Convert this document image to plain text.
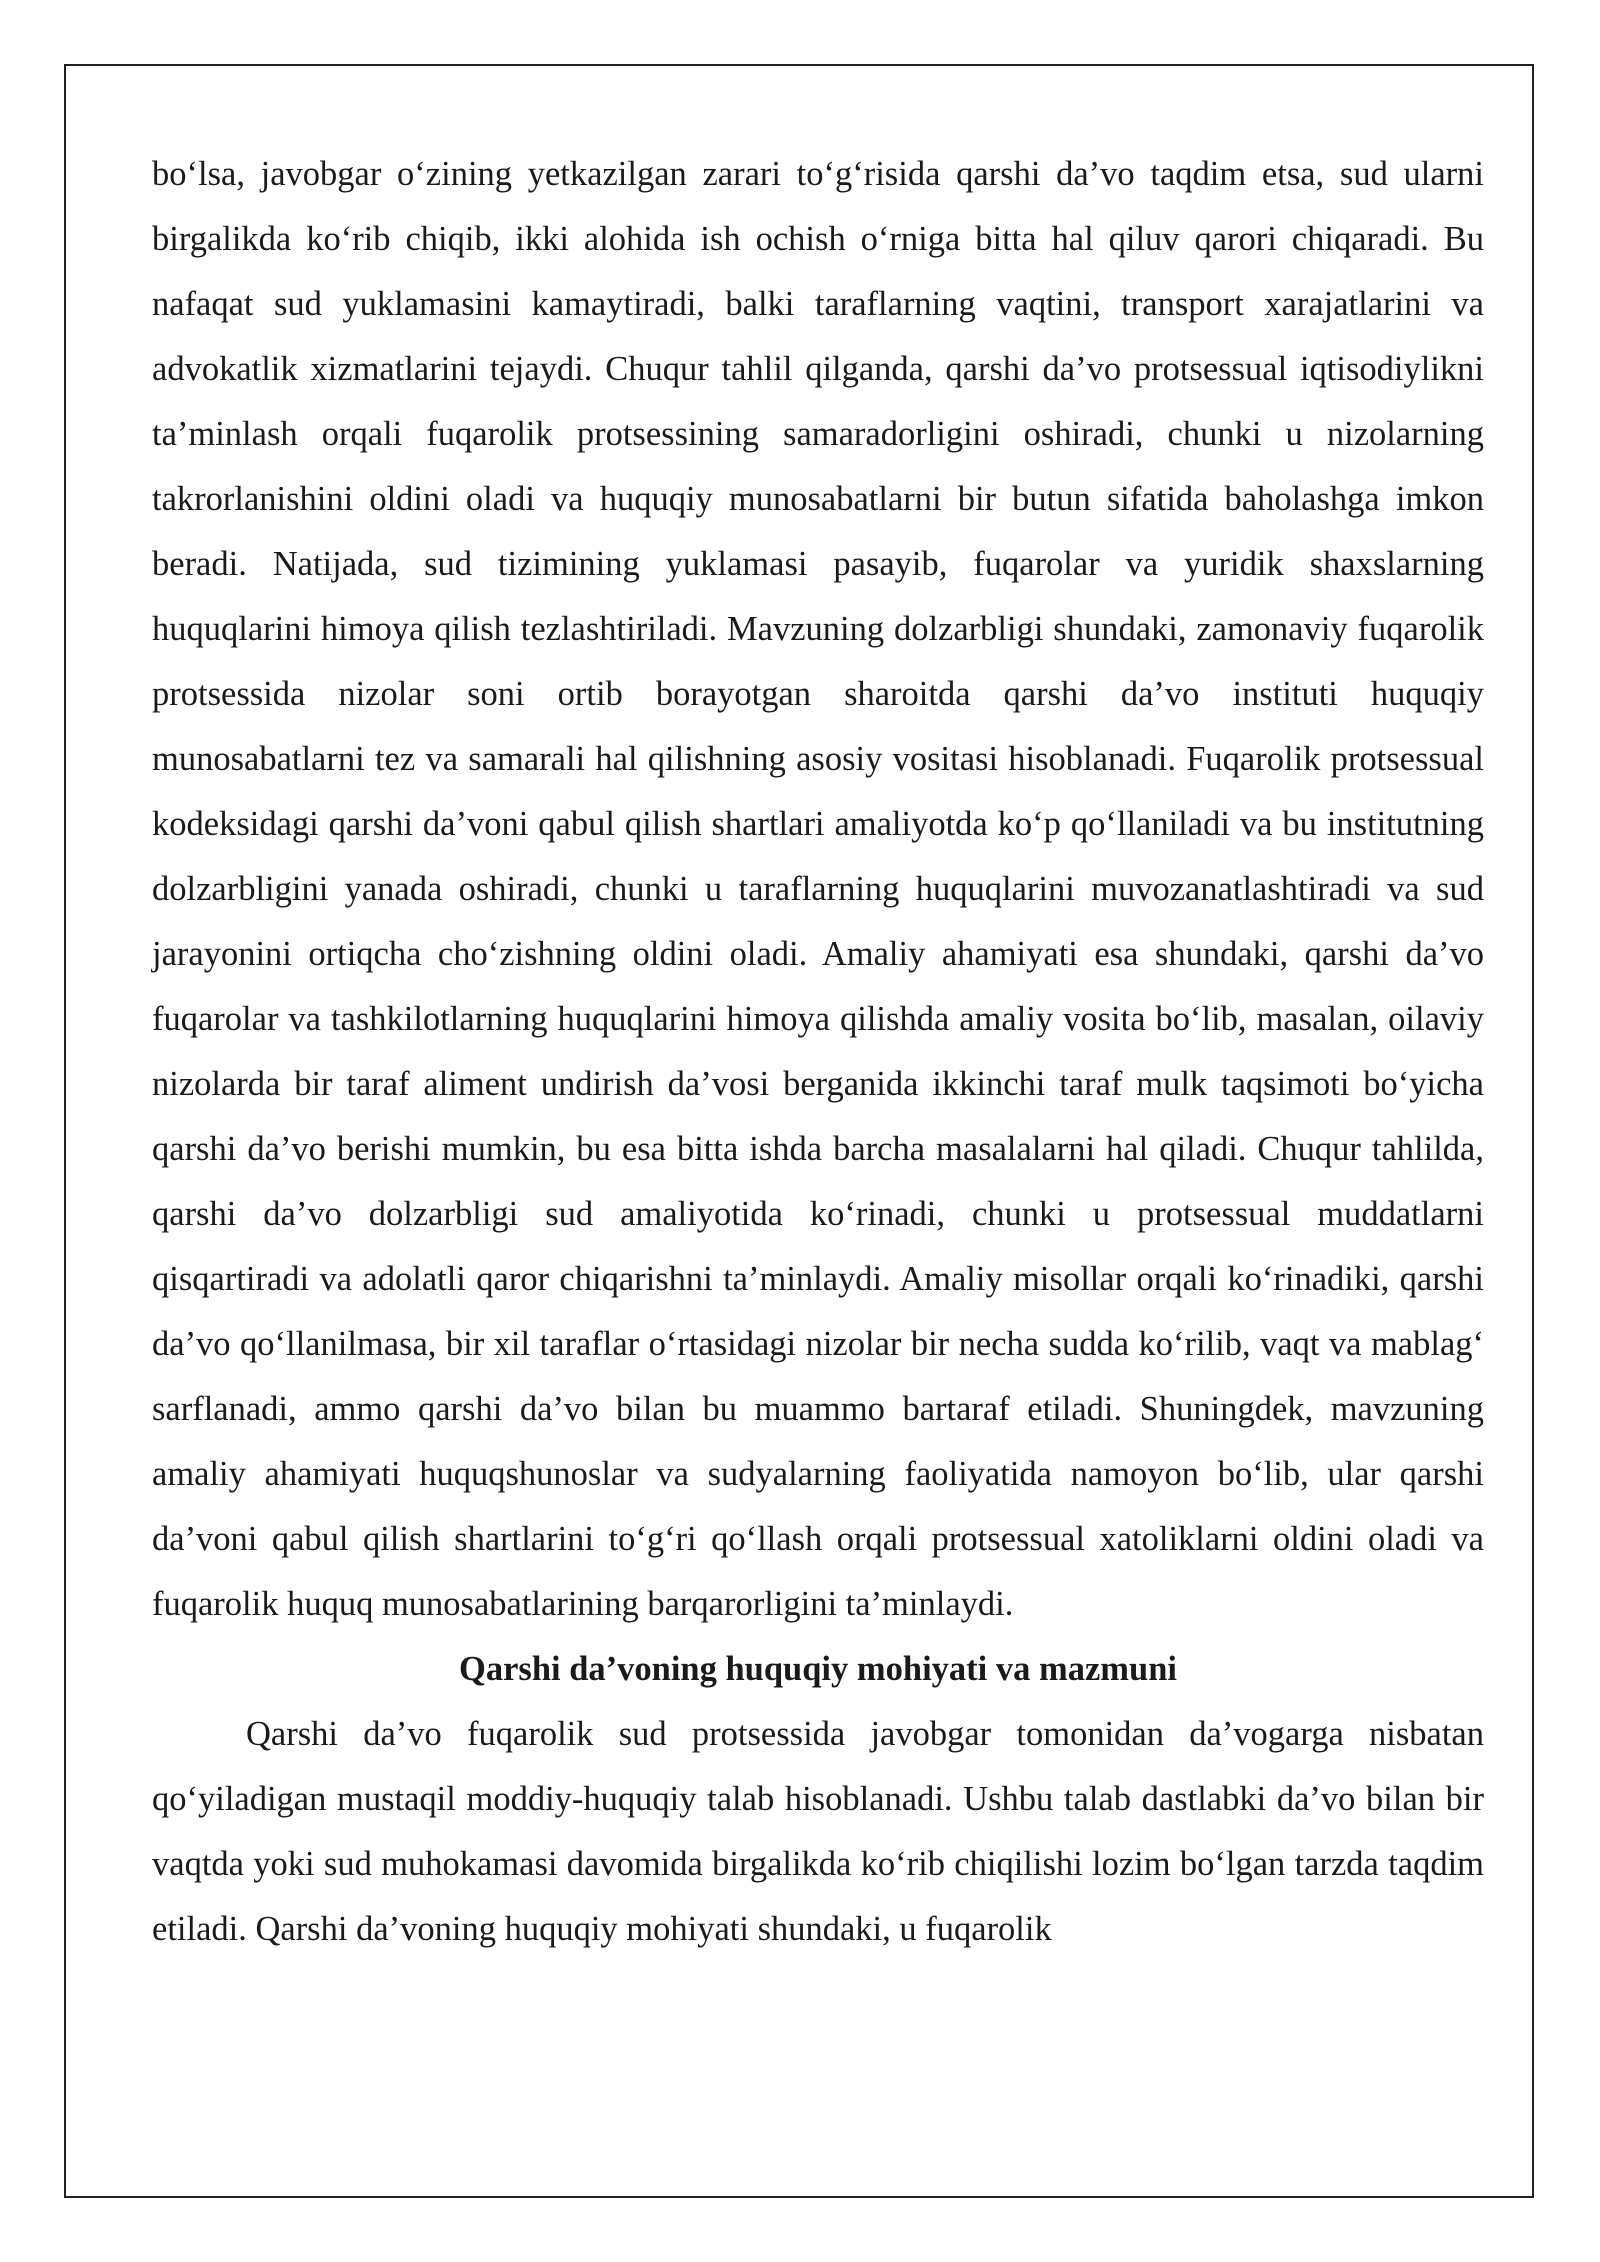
bo‘lsa, javobgar o‘zining yetkazilgan zarari to‘g‘risida qarshi da’vo taqdim etsa, sud ularni birgalikda ko‘rib chiqib, ikki alohida ish ochish o‘rniga bitta hal qiluv qarori chiqaradi. Bu nafaqat sud yuklamasini kamaytiradi, balki taraflarning vaqtini, transport xarajatlarini va advokatlik xizmatlarini tejaydi. Chuqur tahlil qilganda, qarshi da’vo protsessual iqtisodiylikni ta’minlash orqali fuqarolik protsessining samaradorligini oshiradi, chunki u nizolarning takrorlanishini oldini oladi va huquqiy munosabatlarni bir butun sifatida baholashga imkon beradi. Natijada, sud tizimining yuklamasi pasayib, fuqarolar va yuridik shaxslarning huquqlarini himoya qilish tezlashtiriladi. Mavzuning dolzarbligi shundaki, zamonaviy fuqarolik protsessida nizolar soni ortib borayotgan sharoitda qarshi da’vo instituti huquqiy munosabatlarni tez va samarali hal qilishning asosiy vositasi hisoblanadi. Fuqarolik protsessual kodeksidagi qarshi da’voni qabul qilish shartlari amaliyotda ko‘p qo‘llaniladi va bu institutning dolzarbligini yanada oshiradi, chunki u taraflarning huquqlarini muvozanatlashtiradi va sud jarayonini ortiqcha cho‘zishning oldini oladi. Amaliy ahamiyati esa shundaki, qarshi da’vo fuqarolar va tashkilotlarning huquqlarini himoya qilishda amaliy vosita bo‘lib, masalan, oilaviy nizolarda bir taraf aliment undirish da’vosi berganida ikkinchi taraf mulk taqsimoti bo‘yicha qarshi da’vo berishi mumkin, bu esa bitta ishda barcha masalalarni hal qiladi. Chuqur tahlilda, qarshi da’vo dolzarbligi sud amaliyotida ko‘rinadi, chunki u protsessual muddatlarni qisqartiradi va adolatli qaror chiqarishni ta’minlaydi. Amaliy misollar orqali ko‘rinadiki, qarshi da’vo qo‘llanilmasa, bir xil taraflar o‘rtasidagi nizolar bir necha sudda ko‘rilib, vaqt va mablag‘ sarflanadi, ammo qarshi da’vo bilan bu muammo bartaraf etiladi. Shuningdek, mavzuning amaliy ahamiyati huquqshunoslar va sudyalarning faoliyatida namoyon bo‘lib, ular qarshi da’voni qabul qilish shartlarini to‘g‘ri qo‘llash orqali protsessual xatoliklarni oldini oladi va fuqarolik huquq munosabatlarining barqarorligini ta’minlaydi.

Qarshi da’voning huquqiy mohiyati va mazmuni

Qarshi da’vo fuqarolik sud protsessida javobgar tomonidan da’vogarga nisbatan qo‘yiladigan mustaqil moddiy-huquqiy talab hisoblanadi. Ushbu talab dastlabki da’vo bilan bir vaqtda yoki sud muhokamasi davomida birgalikda ko‘rib chiqilishi lozim bo‘lgan tarzda taqdim etiladi. Qarshi da’voning huquqiy mohiyati shundaki, u fuqarolik
